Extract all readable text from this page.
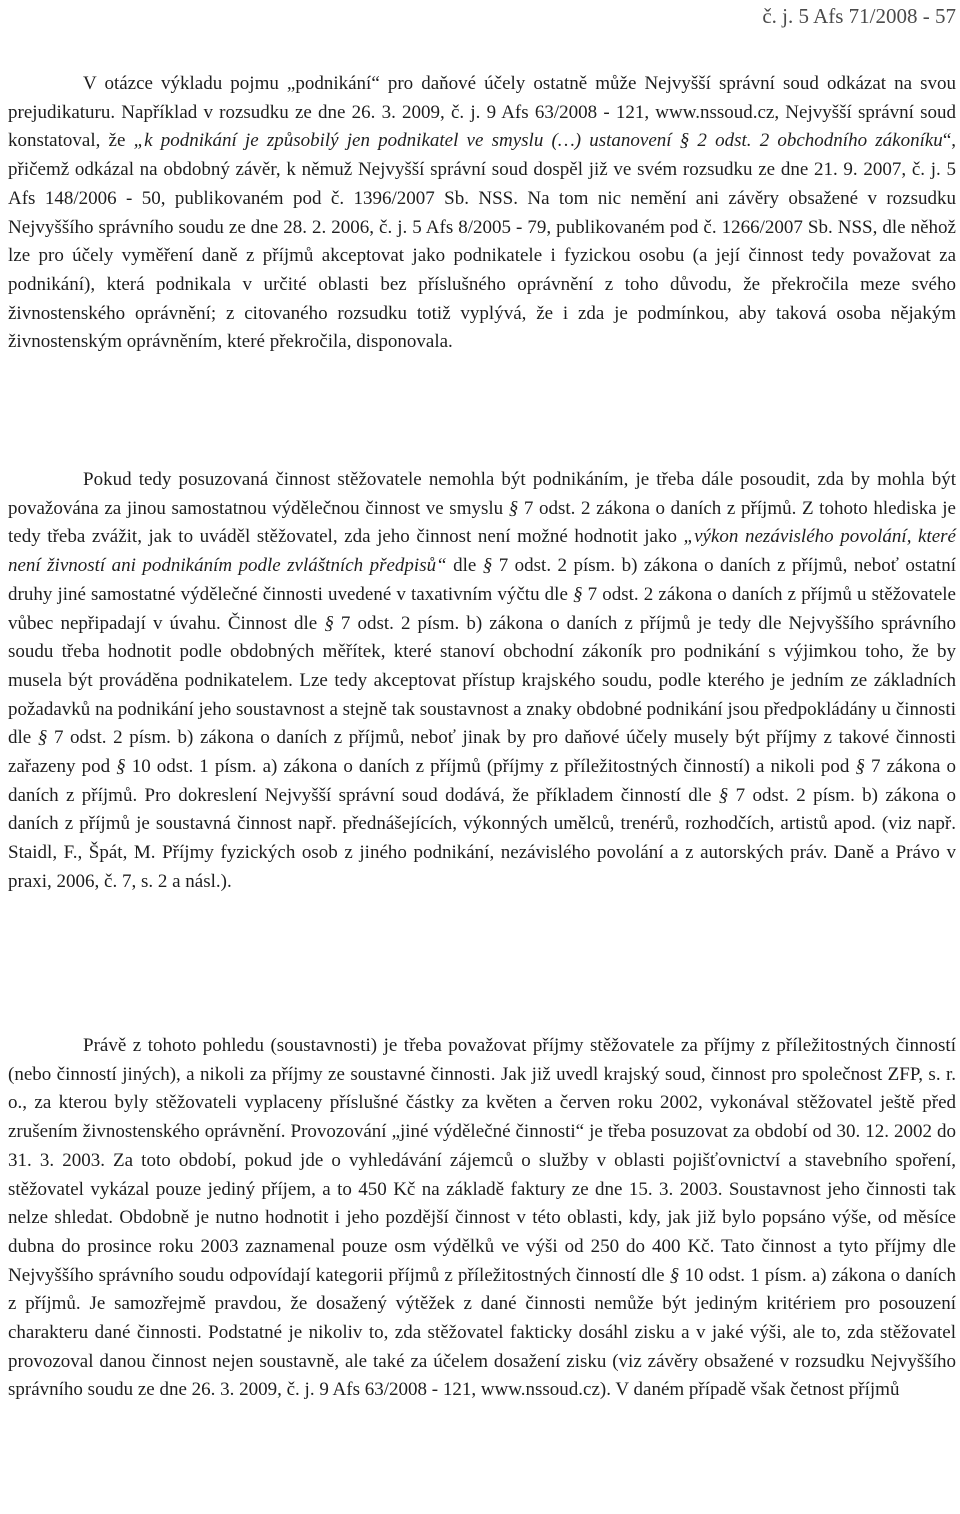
č. j. 5 Afs 71/2008 - 57

V otázce výkladu pojmu „podnikání“ pro daňové účely ostatně může Nejvyšší správní soud odkázat na svou prejudikaturu. Například v rozsudku ze dne 26. 3. 2009, č. j. 9 Afs 63/2008 - 121, www.nssoud.cz, Nejvyšší správní soud konstatoval, že „k podnikání je způsobilý jen podnikatel ve smyslu (…) ustanovení § 2 odst. 2 obchodního zákoníku“, přičemž odkázal na obdobný závěr, k němuž Nejvyšší správní soud dospěl již ve svém rozsudku ze dne 21. 9. 2007, č. j. 5 Afs 148/2006 - 50, publikovaném pod č. 1396/2007 Sb. NSS. Na tom nic nemění ani závěry obsažené v rozsudku Nejvyššího správního soudu ze dne 28. 2. 2006, č. j. 5 Afs 8/2005 - 79, publikovaném pod č. 1266/2007 Sb. NSS, dle něhož lze pro účely vyměření daně z příjmů akceptovat jako podnikatele i fyzickou osobu (a její činnost tedy považovat za podnikání), která podnikala v určité oblasti bez příslušného oprávnění z toho důvodu, že překročila meze svého živnostenského oprávnění; z citovaného rozsudku totiž vyplývá, že i zda je podmínkou, aby taková osoba nějakým živnostenským oprávněním, které překročila, disponovala.

Pokud tedy posuzovaná činnost stěžovatele nemohla být podnikáním, je třeba dále posoudit, zda by mohla být považována za jinou samostatnou výdělečnou činnost ve smyslu § 7 odst. 2 zákona o daních z příjmů. Z tohoto hlediska je tedy třeba zvážit, jak to uváděl stěžovatel, zda jeho činnost není možné hodnotit jako „výkon nezávislého povolání, které není živností ani podnikáním podle zvláštních předpisů“ dle § 7 odst. 2 písm. b) zákona o daních z příjmů, neboť ostatní druhy jiné samostatné výdělečné činnosti uvedené v taxativním výčtu dle § 7 odst. 2 zákona o daních z příjmů u stěžovatele vůbec nepřipadají v úvahu. Činnost dle § 7 odst. 2 písm. b) zákona o daních z příjmů je tedy dle Nejvyššího správního soudu třeba hodnotit podle obdobných měřítek, které stanoví obchodní zákoník pro podnikání s výjimkou toho, že by musela být prováděna podnikatelem. Lze tedy akceptovat přístup krajského soudu, podle kterého je jedním ze základních požadavků na podnikání jeho soustavnost a stejně tak soustavnost a znaky obdobné podnikání jsou předpokládány u činnosti dle § 7 odst. 2 písm. b) zákona o daních z příjmů, neboť jinak by pro daňové účely musely být příjmy z takové činnosti zařazeny pod § 10 odst. 1 písm. a) zákona o daních z příjmů (příjmy z příležitostných činností) a nikoli pod § 7 zákona o daních z příjmů. Pro dokreslení Nejvyšší správní soud dodává, že příkladem činností dle § 7 odst. 2 písm. b) zákona o daních z příjmů je soustavná činnost např. přednášejících, výkonných umělců, trenérů, rozhodčích, artistů apod. (viz např. Staidl, F., Špát, M. Příjmy fyzických osob z jiného podnikání, nezávislého povolání a z autorských práv. Daně a Právo v praxi, 2006, č. 7, s. 2 a násl.).

Právě z tohoto pohledu (soustavnosti) je třeba považovat příjmy stěžovatele za příjmy z příležitostných činností (nebo činností jiných), a nikoli za příjmy ze soustavné činnosti. Jak již uvedl krajský soud, činnost pro společnost ZFP, s. r. o., za kterou byly stěžovateli vyplaceny příslušné částky za květen a červen roku 2002, vykonával stěžovatel ještě před zrušením živnostenského oprávnění. Provozování „jiné výdělečné činnosti“ je třeba posuzovat za období od 30. 12. 2002 do 31. 3. 2003. Za toto období, pokud jde o vyhledávání zájemců o služby v oblasti pojišťovnictví a stavebního spoření, stěžovatel vykázal pouze jediný příjem, a to 450 Kč na základě faktury ze dne 15. 3. 2003. Soustavnost jeho činnosti tak nelze shledat. Obdobně je nutno hodnotit i jeho pozdější činnost v této oblasti, kdy, jak již bylo popsáno výše, od měsíce dubna do prosince roku 2003 zaznamenal pouze osm výdělků ve výši od 250 do 400 Kč. Tato činnost a tyto příjmy dle Nejvyššího správního soudu odpovídají kategorii příjmů z příležitostných činností dle § 10 odst. 1 písm. a) zákona o daních z příjmů. Je samozřejmě pravdou, že dosažený výtěžek z dané činnosti nemůže být jediným kritériem pro posouzení charakteru dané činnosti. Podstatné je nikoliv to, zda stěžovatel fakticky dosáhl zisku a v jaké výši, ale to, zda stěžovatel provozoval danou činnost nejen soustavně, ale také za účelem dosažení zisku (viz závěry obsažené v rozsudku Nejvyššího správního soudu ze dne 26. 3. 2009, č. j. 9 Afs 63/2008 - 121, www.nssoud.cz). V daném případě však četnost příjmů
